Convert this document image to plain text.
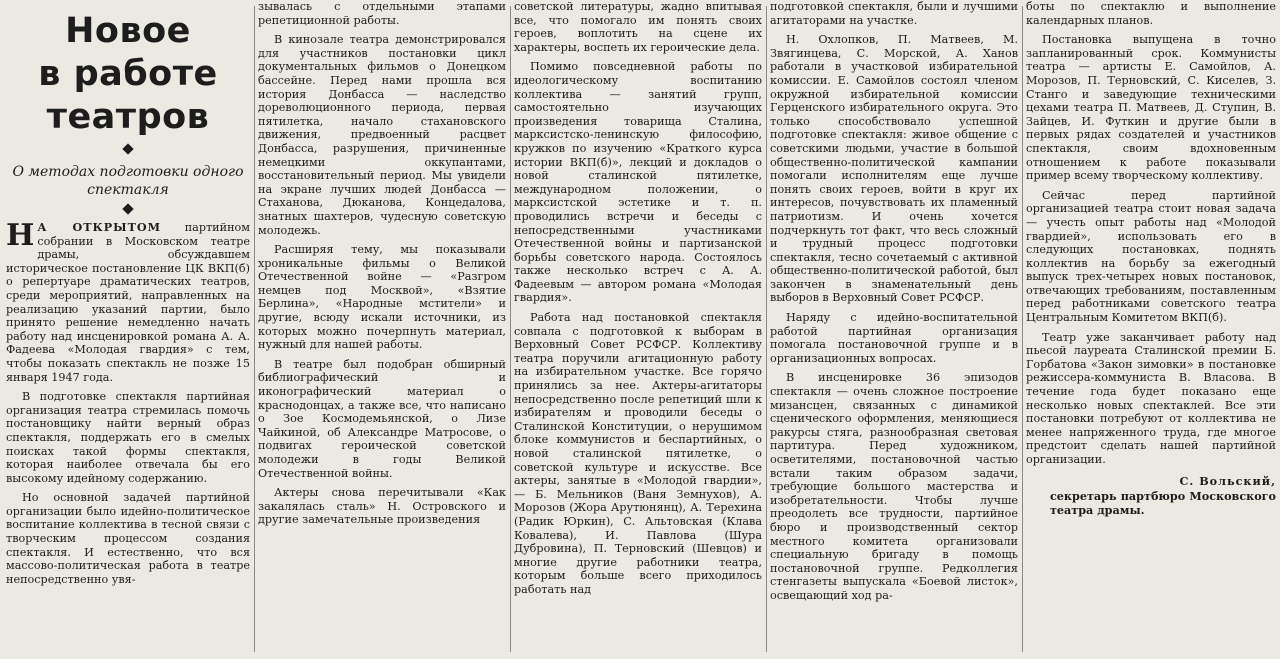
Новое
в работе
театров
О методах подготовки одного спектакля

Н А ОТКРЫТОМ партийном собрании в Московском театре драмы, обсуждавшем историческое постановление ЦК ВКП(б) о репертуаре драматических театров, среди мероприятий, направленных на реализацию указаний партии, было принято решение немедленно начать работу над инсценировкой романа А. А. Фадеева «Молодая гвардия» с тем, чтобы показать спектакль не позже 15 января 1947 года.

В подготовке спектакля партийная организация театра стремилась помочь постановщику найти верный образ спектакля, поддержать его в смелых поисках такой формы спектакля, которая наиболее отвечала бы его высокому идейному содержанию.

Но основной задачей партийной организации было идейно-политическое воспитание коллектива в тесной связи с творческим процессом создания спектакля. И естественно, что вся массово-политическая работа в театре непосредственно увя-

зывалась с отдельными этапами репетиционной работы.

В кинозале театра демонстрировался для участников постановки цикл документальных фильмов о Донецком бассейне. Перед нами прошла вся история Донбасса — наследство дореволюционного периода, первая пятилетка, начало стахановского движения, предвоенный расцвет Донбасса, разрушения, причиненные немецкими оккупантами, восстановительный период. Мы увидели на экране лучших людей Донбасса — Стаханова, Дюканова, Концедалова, знатных шахтеров, чудесную советскую молодежь.

Расширяя тему, мы показывали хроникальные фильмы о Великой Отечественной войне — «Разгром немцев под Москвой», «Взятие Берлина», «Народные мстители» и другие, всюду искали источники, из которых можно почерпнуть материал, нужный для нашей работы.

В театре был подобран обширный библиографический и иконографический материал о краснодонцах, а также все, что написано о Зое Космодемьянской, о Лизе Чайкиной, об Александре Матросове, о подвигах героической советской молодежи в годы Великой Отечественной войны.

Актеры снова перечитывали «Как закалялась сталь» Н. Островского и другие замечательные произведения

советской литературы, жадно впитывая все, что помогало им понять своих героев, воплотить на сцене их характеры, воспеть их героические дела.

Помимо повседневной работы по идеологическому воспитанию коллектива — занятий групп, самостоятельно изучающих произведения товарища Сталина, марксистско-ленинскую философию, кружков по изучению «Краткого курса истории ВКП(б)», лекций и докладов о новой сталинской пятилетке, международном положении, о марксистской эстетике и т. п. проводились встречи и беседы с непосредственными участниками Отечественной войны и партизанской борьбы советского народа. Состоялось также несколько встреч с А. А. Фадеевым — автором романа «Молодая гвардия».

Работа над постановкой спектакля совпала с подготовкой к выборам в Верховный Совет РСФСР. Коллективу театра поручили агитационную работу на избирательном участке. Все горячо принялись за нее. Актеры-агитаторы непосредственно после репетиций шли к избирателям и проводили беседы о Сталинской Конституции, о нерушимом блоке коммунистов и беспартийных, о новой сталинской пятилетке, о советской культуре и искусстве. Все актеры, занятые в «Молодой гвардии», — Б. Мельников (Ваня Земнухов), А. Морозов (Жора Арутюнянц), А. Терехина (Радик Юркин), С. Альтовская (Клава Ковалева), И. Павлова (Шура Дубровина), П. Терновский (Шевцов) и многие другие работники театра, которым больше всего приходилось работать над

подготовкой спектакля, были и лучшими агитаторами на участке.

Н. Охлопков, П. Матвеев, М. Звягинцева, С. Морской, А. Ханов работали в участковой избирательной комиссии. Е. Самойлов состоял членом окружной избирательной комиссии Герценского избирательного округа. Это только способствовало успешной подготовке спектакля: живое общение с советскими людьми, участие в большой общественно-политической кампании помогали исполнителям еще лучше понять своих героев, войти в круг их интересов, почувствовать их пламенный патриотизм. И очень хочется подчеркнуть тот факт, что весь сложный и трудный процесс подготовки спектакля, тесно сочетаемый с активной общественно-политической работой, был закончен в знаменательный день выборов в Верховный Совет РСФСР.

Наряду с идейно-воспитательной работой партийная организация помогала постановочной группе и в организационных вопросах.

В инсценировке 36 эпизодов спектакля — очень сложное построение мизансцен, связанных с динамикой сценического оформления, меняющиеся ракурсы стяга, разнообразная световая партитура. Перед художником, осветителями, постановочной частью встали таким образом задачи, требующие большого мастерства и изобретательности. Чтобы лучше преодолеть все трудности, партийное бюро и производственный сектор местного комитета организовали специальную бригаду в помощь постановочной группе. Редколлегия стенгазеты выпускала «Боевой листок», освещающий ход ра-

боты по спектаклю и выполнение календарных планов.

Постановка выпущена в точно запланированный срок. Коммунисты театра — артисты Е. Самойлов, А. Морозов, П. Терновский, С. Киселев, З. Станго и заведующие техническими цехами театра П. Матвеев, Д. Ступин, В. Зайцев, И. Футкин и другие были в первых рядах создателей и участников спектакля, своим вдохновенным отношением к работе показывали пример всему творческому коллективу.

Сейчас перед партийной организацией театра стоит новая задача — учесть опыт работы над «Молодой гвардией», использовать его в следующих постановках, поднять коллектив на борьбу за ежегодный выпуск трех-четырех новых постановок, отвечающих требованиям, поставленным перед работниками советского театра Центральным Комитетом ВКП(б).

Театр уже заканчивает работу над пьесой лауреата Сталинской премии Б. Горбатова «Закон зимовки» в постановке режиссера-коммуниста В. Власова. В течение года будет показано еще несколько новых спектаклей. Все эти постановки потребуют от коллектива не менее напряженного труда, где многое предстоит сделать нашей партийной организации.

С. Вольский,
секретарь партбюро Московского театра драмы.
